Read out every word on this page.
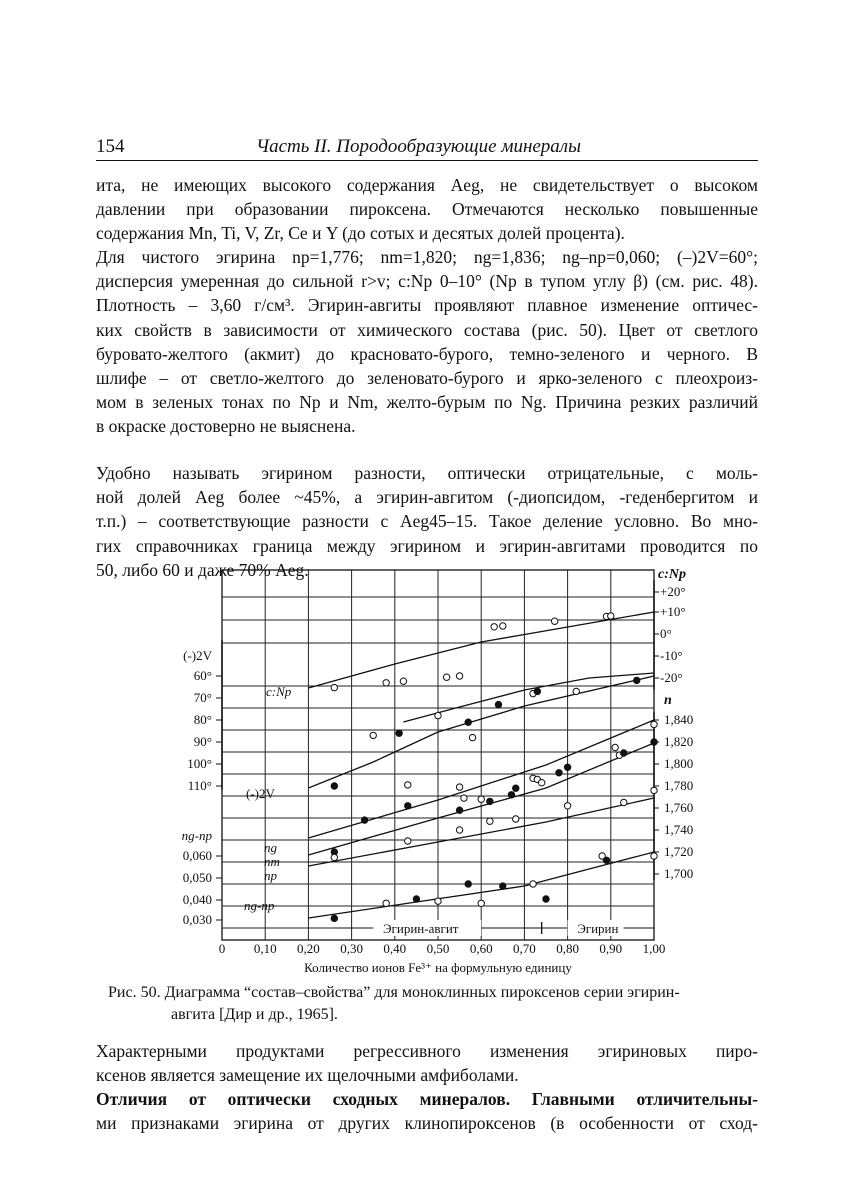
154	Часть II. Породообразующие минералы
ита, не имеющих высокого содержания Aeg, не свидетельствует о высоком
давлении при образовании пироксена. Отмечаются несколько повышенные
содержания Mn, Ti, V, Zr, Ce и Y (до сотых и десятых долей процента).
Для чистого эгирина np=1,776; nm=1,820; ng=1,836; ng–np=0,060; (–)2V=60°;
дисперсия умеренная до сильной r>v; c:Np 0–10° (Np в тупом углу β) (см. рис. 48).
Плотность – 3,60 г/см³. Эгирин-авгиты проявляют плавное изменение оптичес-
ких свойств в зависимости от химического состава (рис. 50). Цвет от светлого
буровато-желтого (акмит) до красновато-бурого, темно-зеленого и черного. В
шлифе – от светло-желтого до зеленовато-бурого и ярко-зеленого с плеохроиз-
мом в зеленых тонах по Np и Nm, желто-бурым по Ng. Причина резких различий
в окраске достоверно не выяснена.
Удобно называть эгирином разности, оптически отрицательные, с моль-
ной долей Aeg более ~45%, а эгирин-авгитом (-диопсидом, -геденбергитом и
т.п.) – соответствующие разности с Aeg45–15. Такое деление условно. Во мно-
гих справочниках граница между эгирином и эгирин-авгитами проводится по
50, либо 60 и даже 70% Aeg.
0 0,10 0,20 0,30 0,40 0,50 0,60 0,70 0,80 0,90 1,00
Количество ионов Fe³⁺ на формульную единицу
(-)2V
60°
70°
80°
90°
100°
110°
ng-np
0,060
0,050
0,040
0,030
c:Np
+20°
+10°
0°
-10°
-20°
n
1,840
1,820
1,800
1,780
1,760
1,740
1,720
1,700
c:Np
(-)2V
ng
nm
np
ng-np
Эгирин-авгит	Эгирин
Рис. 50. Диаграмма “состав–свойства” для моноклинных пироксенов серии эгирин-
авгита [Дир и др., 1965].
Характерными продуктами регрессивного изменения эгириновых пиро-
ксенов является замещение их щелочными амфиболами.
Отличия от оптически сходных минералов. Главными отличительны-
ми признаками эгирина от других клинопироксенов (в особенности от сход-
